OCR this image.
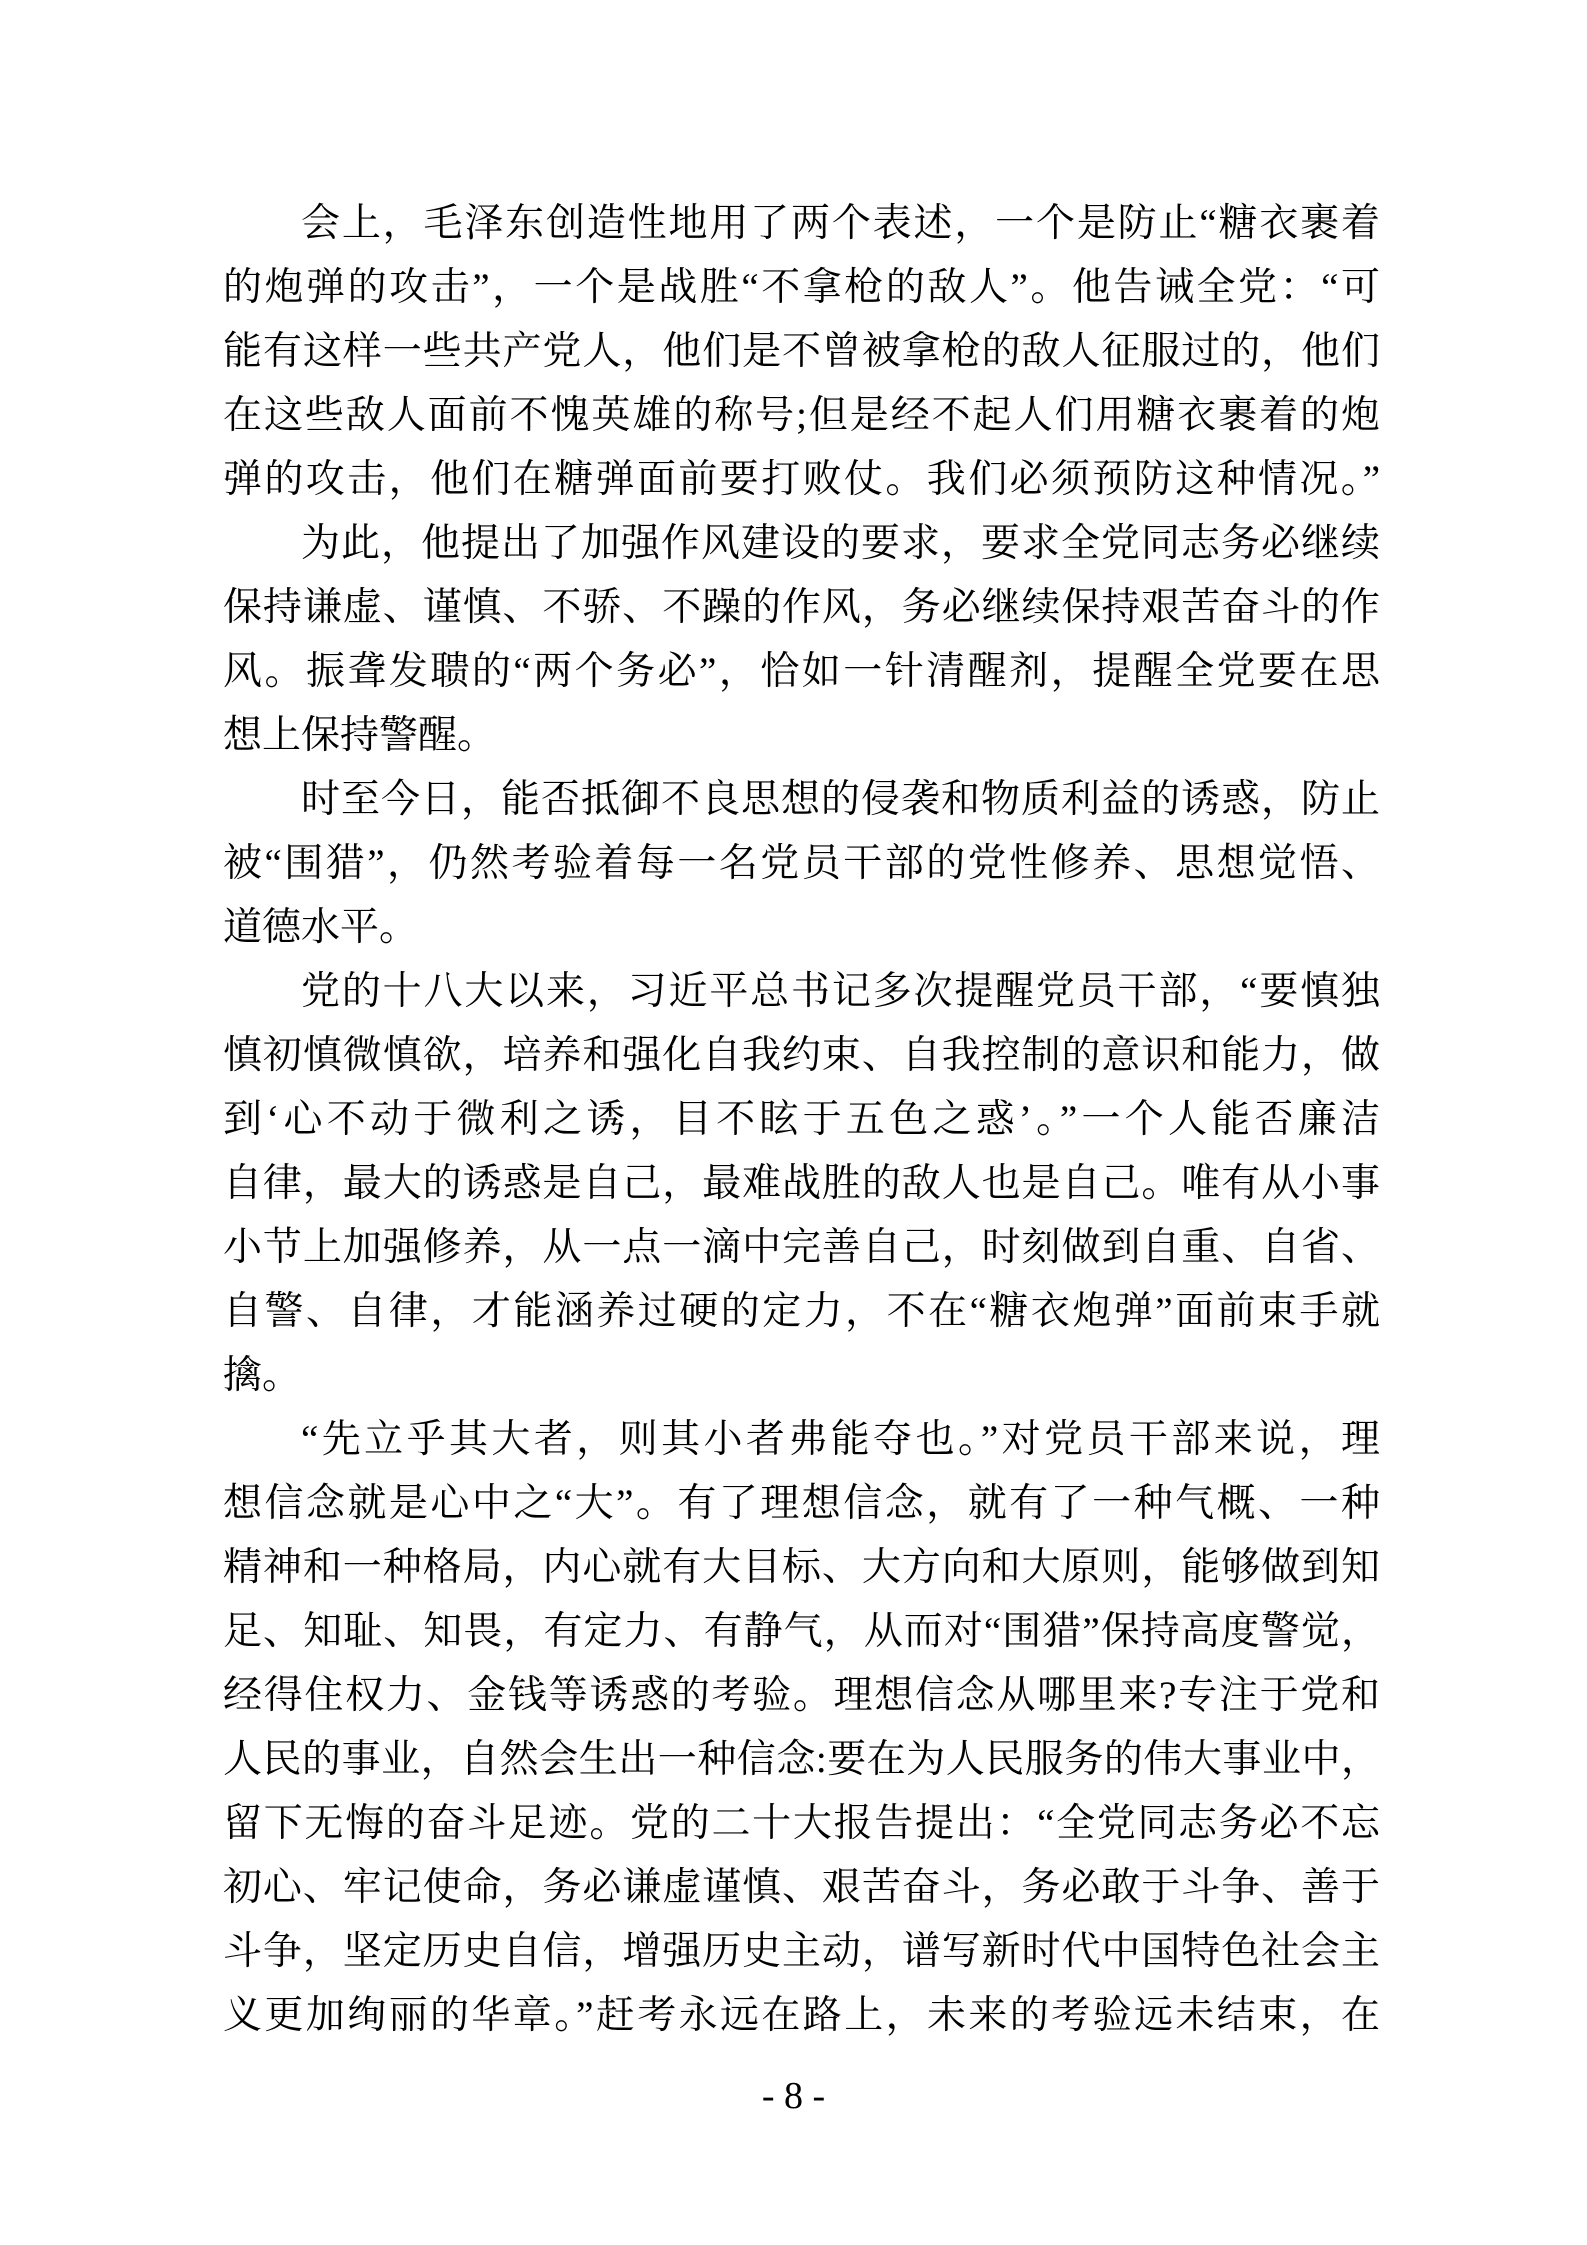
会上，毛泽东创造性地用了两个表述，一个是防止“糖衣裹着
的炮弹的攻击”，一个是战胜“不拿枪的敌人”。他告诫全党：“可
能有这样一些共产党人，他们是不曾被拿枪的敌人征服过的，他们
在这些敌人面前不愧英雄的称号;但是经不起人们用糖衣裹着的炮
弹的攻击，他们在糖弹面前要打败仗。我们必须预防这种情况。”
为此，他提出了加强作风建设的要求，要求全党同志务必继续
保持谦虚、谨慎、不骄、不躁的作风，务必继续保持艰苦奋斗的作
风。振聋发聩的“两个务必”，恰如一针清醒剂，提醒全党要在思
想上保持警醒。
时至今日，能否抵御不良思想的侵袭和物质利益的诱惑，防止
被“围猎”，仍然考验着每一名党员干部的党性修养、思想觉悟、
道德水平。
党的十八大以来，习近平总书记多次提醒党员干部，“要慎独
慎初慎微慎欲，培养和强化自我约束、自我控制的意识和能力，做
到‘心不动于微利之诱，目不眩于五色之惑’。”一个人能否廉洁
自律，最大的诱惑是自己，最难战胜的敌人也是自己。唯有从小事
小节上加强修养，从一点一滴中完善自己，时刻做到自重、自省、
自警、自律，才能涵养过硬的定力，不在“糖衣炮弹”面前束手就
擒。
“先立乎其大者，则其小者弗能夺也。”对党员干部来说，理
想信念就是心中之“大”。有了理想信念，就有了一种气概、一种
精神和一种格局，内心就有大目标、大方向和大原则，能够做到知
足、知耻、知畏，有定力、有静气，从而对“围猎”保持高度警觉，
经得住权力、金钱等诱惑的考验。理想信念从哪里来?专注于党和
人民的事业，自然会生出一种信念:要在为人民服务的伟大事业中，
留下无悔的奋斗足迹。党的二十大报告提出：“全党同志务必不忘
初心、牢记使命，务必谦虚谨慎、艰苦奋斗，务必敢于斗争、善于
斗争，坚定历史自信，增强历史主动，谱写新时代中国特色社会主
义更加绚丽的华章。”赶考永远在路上，未来的考验远未结束，在
- 8 -
